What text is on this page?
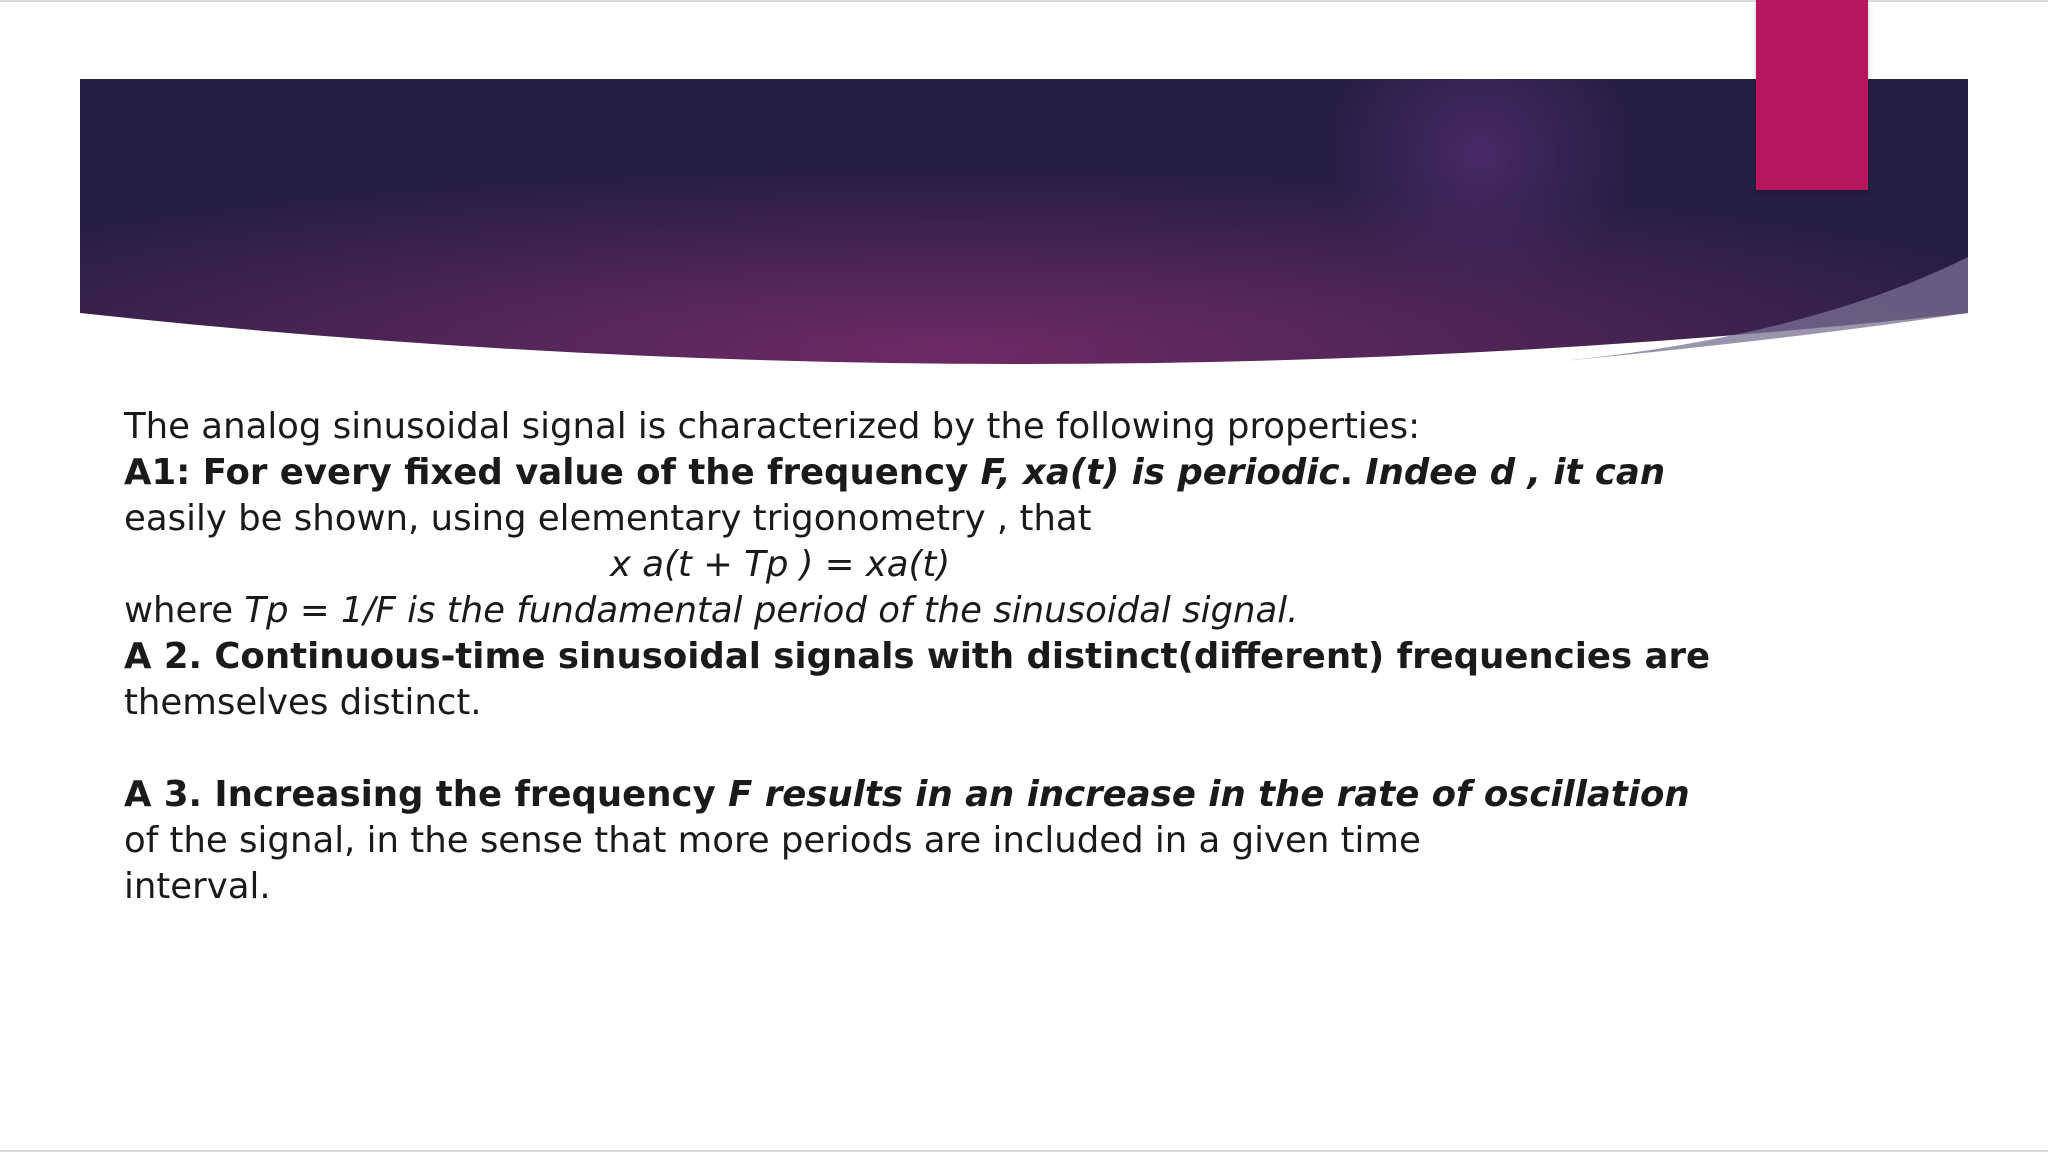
The analog sinusoidal signal is characterized by the following properties:
A1: For every fixed value of the frequency F, xa(t) is periodic. Indee d , it can
easily be shown, using elementary trigonometry , that
x a(t + Tp ) = xa(t)
where Tp = 1/F is the fundamental period of the sinusoidal signal.
A 2. Continuous-time sinusoidal signals with distinct(different) frequencies are
themselves distinct.
A 3. Increasing the frequency F results in an increase in the rate of oscillation
of the signal, in the sense that more periods are included in a given time
interval.
